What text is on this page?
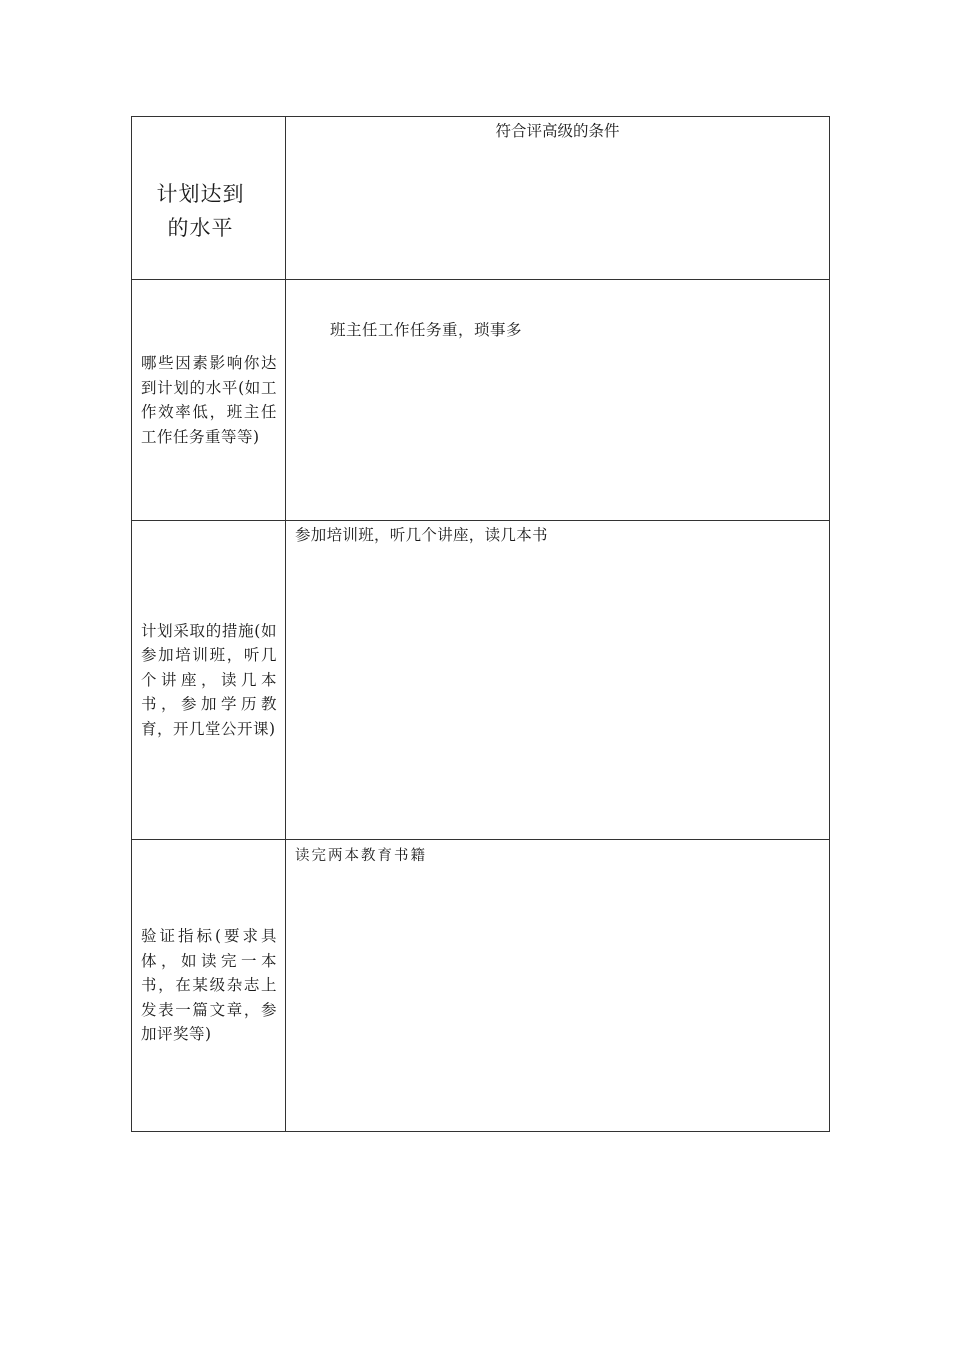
计划达到
的水平	符合评高级的条件

哪些因素影响你达到计划的水平(如工作效率低，班主任工作任务重等等)	班主任工作任务重，琐事多

计划采取的措施(如参加培训班，听几个讲座，读几本书，参加学历教育，开几堂公开课)	参加培训班，听几个讲座，读几本书

验证指标(要求具体，如读完一本书，在某级杂志上发表一篇文章，参加评奖等)	读完两本教育书籍
